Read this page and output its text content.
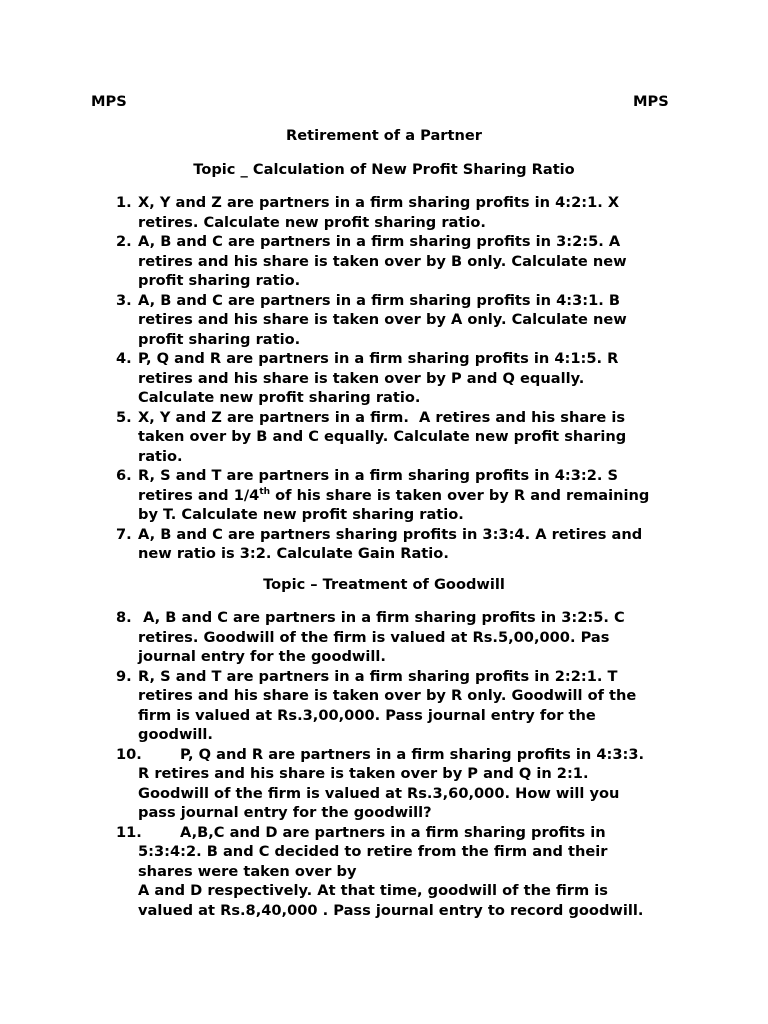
MPS	MPS
Retirement of a Partner
Topic _ Calculation of New Profit Sharing Ratio
1. X, Y and Z are partners in a firm sharing profits in 4:2:1. X
retires. Calculate new profit sharing ratio.
2. A, B and C are partners in a firm sharing profits in 3:2:5. A
retires and his share is taken over by B only. Calculate new
profit sharing ratio.
3. A, B and C are partners in a firm sharing profits in 4:3:1. B
retires and his share is taken over by A only. Calculate new
profit sharing ratio.
4. P, Q and R are partners in a firm sharing profits in 4:1:5. R
retires and his share is taken over by P and Q equally.
Calculate new profit sharing ratio.
5. X, Y and Z are partners in a firm.  A retires and his share is
taken over by B and C equally. Calculate new profit sharing
ratio.
6. R, S and T are partners in a firm sharing profits in 4:3:2. S
retires and 1/4th of his share is taken over by R and remaining
by T. Calculate new profit sharing ratio.
7. A, B and C are partners sharing profits in 3:3:4. A retires and
new ratio is 3:2. Calculate Gain Ratio.
Topic – Treatment of Goodwill
8. A, B and C are partners in a firm sharing profits in 3:2:5. C
retires. Goodwill of the firm is valued at Rs.5,00,000. Pas
journal entry for the goodwill.
9. R, S and T are partners in a firm sharing profits in 2:2:1. T
retires and his share is taken over by R only. Goodwill of the
firm is valued at Rs.3,00,000. Pass journal entry for the
goodwill.
10.	P, Q and R are partners in a firm sharing profits in 4:3:3.
R retires and his share is taken over by P and Q in 2:1.
Goodwill of the firm is valued at Rs.3,60,000. How will you
pass journal entry for the goodwill?
11.	A,B,C and D are partners in a firm sharing profits in
5:3:4:2. B and C decided to retire from the firm and their
shares were taken over by
A and D respectively. At that time, goodwill of the firm is
valued at Rs.8,40,000 . Pass journal entry to record goodwill.
